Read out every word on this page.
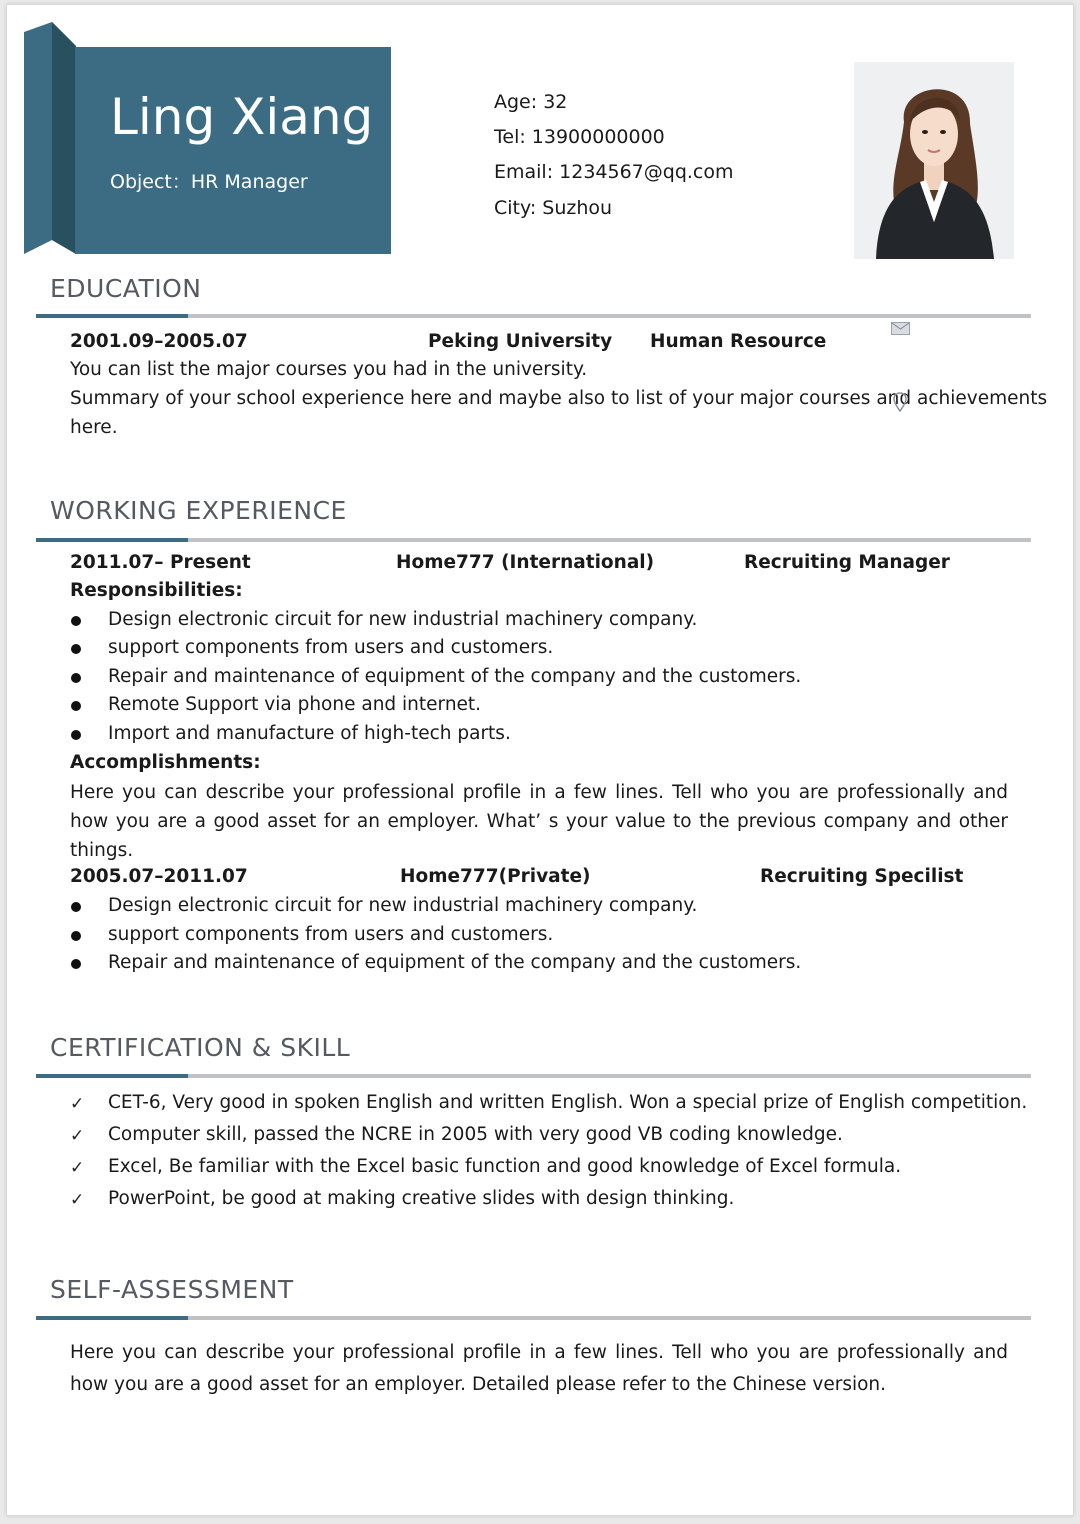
Ling Xiang
Object：HR Manager
Age: 32
Tel: 13900000000
Email: 1234567@qq.com
City: Suzhou
EDUCATION
2001.09–2005.07	Peking University Human Resource
You can list the major courses you had in the university.
Summary of your school experience here and maybe also to list of your major courses and achievements
here.
WORKING EXPERIENCE
2011.07– Present	Home777 (International)	Recruiting Manager
Responsibilities:
Design electronic circuit for new industrial machinery company.
support components from users and customers.
Repair and maintenance of equipment of the company and the customers.
Remote Support via phone and internet.
Import and manufacture of high-tech parts.
Accomplishments:
Here you can describe your professional profile in a few lines. Tell who you are professionally and how you are a good asset for an employer. What’ s your value to the previous company and other things.
2005.07–2011.07	Home777(Private)	Recruiting Specilist
Design electronic circuit for new industrial machinery company.
support components from users and customers.
Repair and maintenance of equipment of the company and the customers.
CERTIFICATION & SKILL
✓ CET-6, Very good in spoken English and written English. Won a special prize of English competition.
✓ Computer skill, passed the NCRE in 2005 with very good VB coding knowledge.
✓ Excel, Be familiar with the Excel basic function and good knowledge of Excel formula.
✓ PowerPoint, be good at making creative slides with design thinking.
SELF-ASSESSMENT
Here you can describe your professional profile in a few lines. Tell who you are professionally and how you are a good asset for an employer. Detailed please refer to the Chinese version.
